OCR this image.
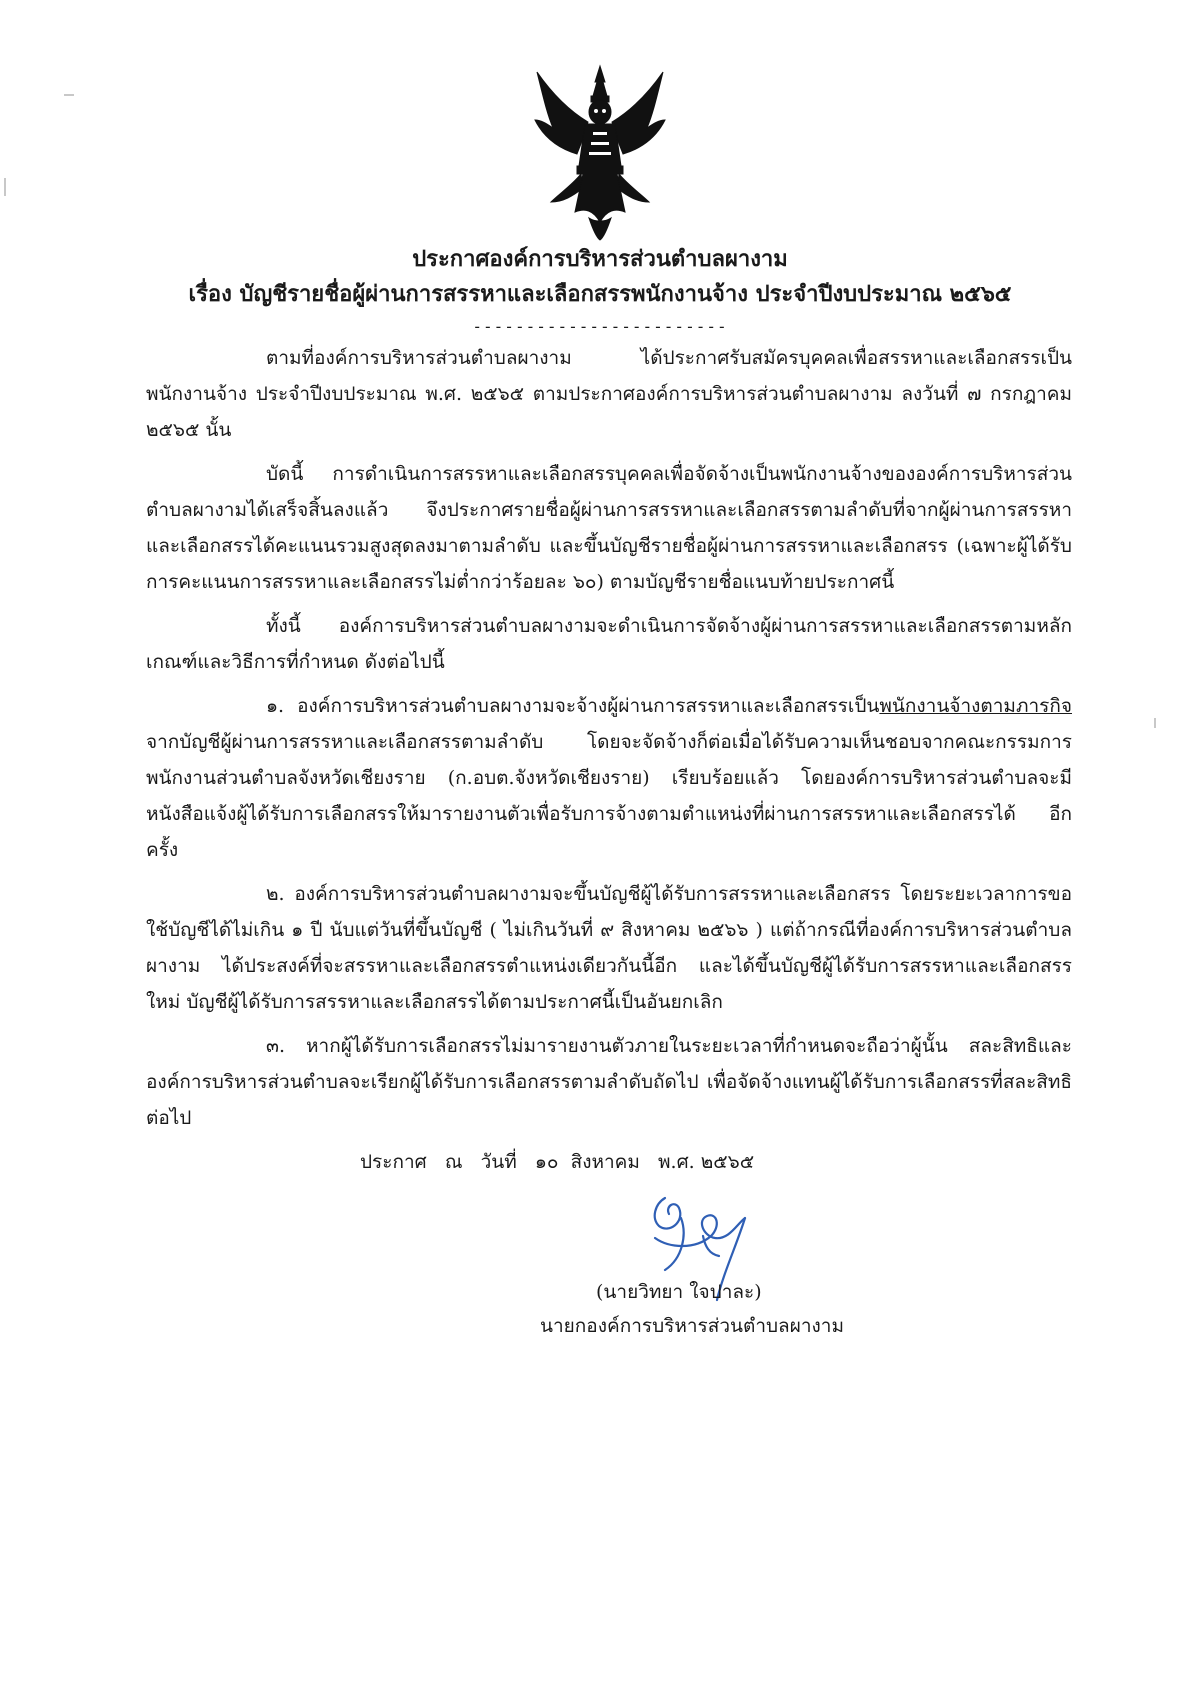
ประกาศองค์การบริหารส่วนตำบลผางาม
เรื่อง บัญชีรายชื่อผู้ผ่านการสรรหาและเลือกสรรพนักงานจ้าง ประจำปีงบประมาณ ๒๕๖๕
------------------------

ตามที่องค์การบริหารส่วนตำบลผางาม ได้ประกาศรับสมัครบุคคลเพื่อสรรหาและเลือกสรรเป็นพนักงานจ้าง ประจำปีงบประมาณ พ.ศ. ๒๕๖๕ ตามประกาศองค์การบริหารส่วนตำบลผางาม ลงวันที่ ๗ กรกฎาคม ๒๕๖๕ นั้น

บัดนี้ การดำเนินการสรรหาและเลือกสรรบุคคลเพื่อจัดจ้างเป็นพนักงานจ้างขององค์การบริหารส่วนตำบลผางามได้เสร็จสิ้นลงแล้ว จึงประกาศรายชื่อผู้ผ่านการสรรหาและเลือกสรรตามลำดับที่จากผู้ผ่านการสรรหาและเลือกสรรได้คะแนนรวมสูงสุดลงมาตามลำดับ และขึ้นบัญชีรายชื่อผู้ผ่านการสรรหาและเลือกสรร (เฉพาะผู้ได้รับการคะแนนการสรรหาและเลือกสรรไม่ต่ำกว่าร้อยละ ๖๐) ตามบัญชีรายชื่อแนบท้ายประกาศนี้

ทั้งนี้ องค์การบริหารส่วนตำบลผางามจะดำเนินการจัดจ้างผู้ผ่านการสรรหาและเลือกสรรตามหลักเกณฑ์และวิธีการที่กำหนด ดังต่อไปนี้

๑. องค์การบริหารส่วนตำบลผางามจะจ้างผู้ผ่านการสรรหาและเลือกสรรเป็นพนักงานจ้างตามภารกิจ จากบัญชีผู้ผ่านการสรรหาและเลือกสรรตามลำดับ โดยจะจัดจ้างก็ต่อเมื่อได้รับความเห็นชอบจากคณะกรรมการพนักงานส่วนตำบลจังหวัดเชียงราย (ก.อบต.จังหวัดเชียงราย) เรียบร้อยแล้ว โดยองค์การบริหารส่วนตำบลจะมีหนังสือแจ้งผู้ได้รับการเลือกสรรให้มารายงานตัวเพื่อรับการจ้างตามตำแหน่งที่ผ่านการสรรหาและเลือกสรรได้ อีกครั้ง

๒. องค์การบริหารส่วนตำบลผางามจะขึ้นบัญชีผู้ได้รับการสรรหาและเลือกสรร โดยระยะเวลาการขอใช้บัญชีได้ไม่เกิน ๑ ปี นับแต่วันที่ขึ้นบัญชี ( ไม่เกินวันที่ ๙ สิงหาคม ๒๕๖๖ ) แต่ถ้ากรณีที่องค์การบริหารส่วนตำบลผางาม ได้ประสงค์ที่จะสรรหาและเลือกสรรตำแหน่งเดียวกันนี้อีก และได้ขึ้นบัญชีผู้ได้รับการสรรหาและเลือกสรรใหม่ บัญชีผู้ได้รับการสรรหาและเลือกสรรได้ตามประกาศนี้เป็นอันยกเลิก

๓. หากผู้ได้รับการเลือกสรรไม่มารายงานตัวภายในระยะเวลาที่กำหนดจะถือว่าผู้นั้น สละสิทธิและองค์การบริหารส่วนตำบลจะเรียกผู้ได้รับการเลือกสรรตามลำดับถัดไป เพื่อจัดจ้างแทนผู้ได้รับการเลือกสรรที่สละสิทธิต่อไป

ประกาศ   ณ   วันที่   ๑๐  สิงหาคม   พ.ศ. ๒๕๖๕
(นายวิทยา ใจปาละ)
นายกองค์การบริหารส่วนตำบลผางาม
